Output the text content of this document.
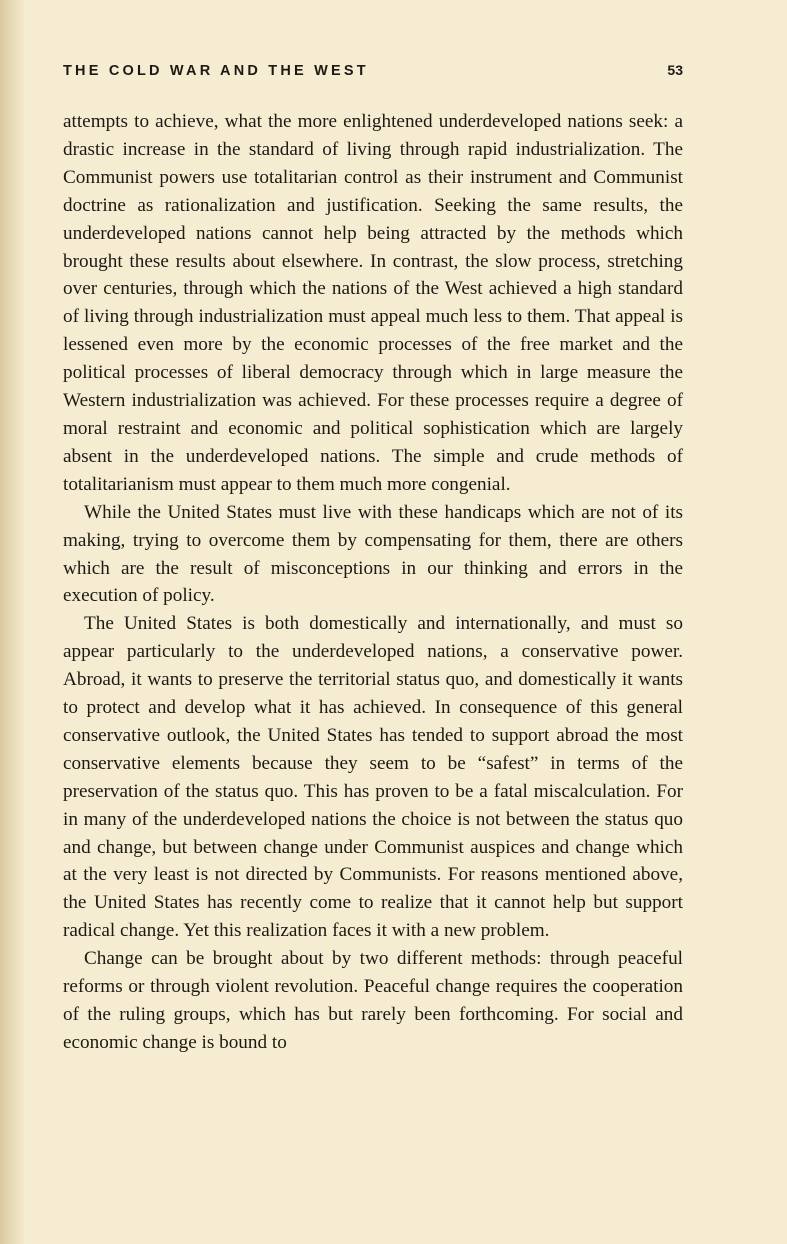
THE COLD WAR AND THE WEST	53

attempts to achieve, what the more enlightened underdeveloped nations seek: a drastic increase in the standard of living through rapid industrialization. The Communist powers use totalitarian control as their instrument and Communist doctrine as rationalization and justification. Seeking the same results, the underdeveloped nations cannot help being attracted by the methods which brought these results about elsewhere. In contrast, the slow process, stretching over centuries, through which the nations of the West achieved a high standard of living through industrialization must appeal much less to them. That appeal is lessened even more by the economic processes of the free market and the political processes of liberal democracy through which in large measure the Western industrialization was achieved. For these processes require a degree of moral restraint and economic and political sophistication which are largely absent in the underdeveloped nations. The simple and crude methods of totalitarianism must appear to them much more congenial.

While the United States must live with these handicaps which are not of its making, trying to overcome them by compensating for them, there are others which are the result of misconceptions in our thinking and errors in the execution of policy.

The United States is both domestically and internationally, and must so appear particularly to the underdeveloped nations, a conservative power. Abroad, it wants to preserve the territorial status quo, and domestically it wants to protect and develop what it has achieved. In consequence of this general conservative outlook, the United States has tended to support abroad the most conservative elements because they seem to be “safest” in terms of the preservation of the status quo. This has proven to be a fatal miscalculation. For in many of the underdeveloped nations the choice is not between the status quo and change, but between change under Communist auspices and change which at the very least is not directed by Communists. For reasons mentioned above, the United States has recently come to realize that it cannot help but support radical change. Yet this realization faces it with a new problem.

Change can be brought about by two different methods: through peaceful reforms or through violent revolution. Peaceful change requires the cooperation of the ruling groups, which has but rarely been forthcoming. For social and economic change is bound to
